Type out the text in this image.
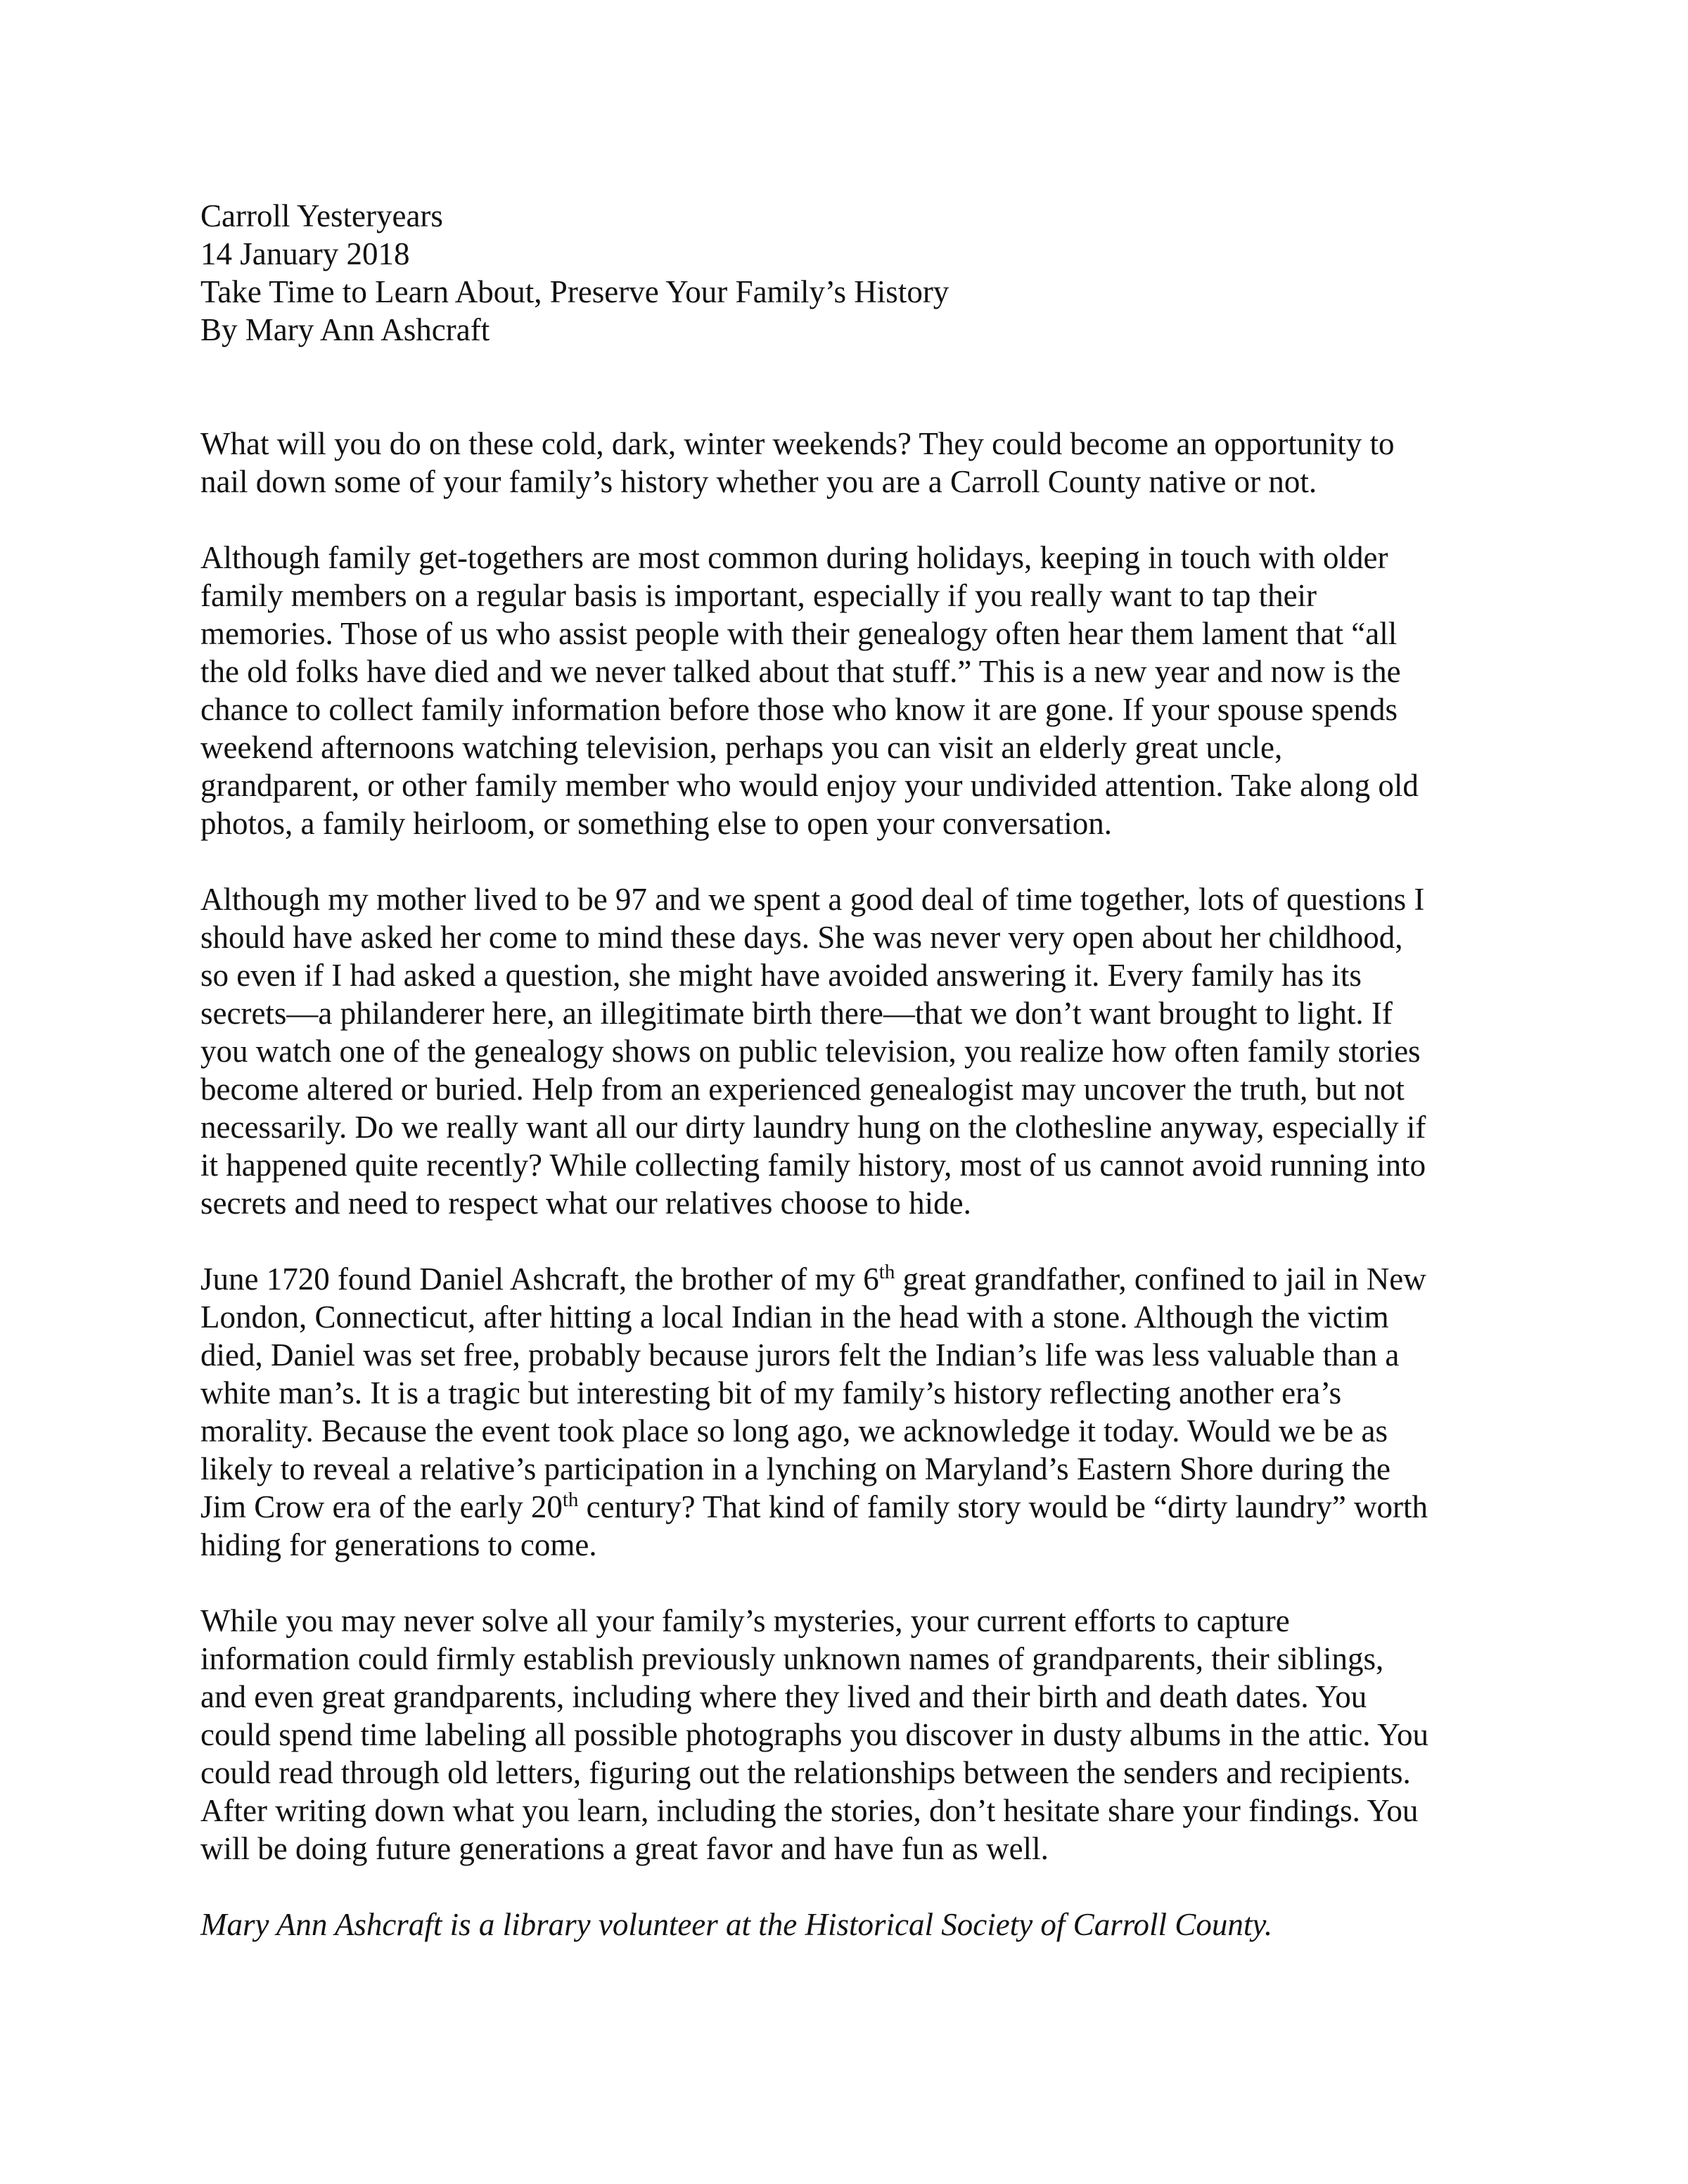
Carroll Yesteryears
14 January 2018
Take Time to Learn About, Preserve Your Family’s History
By Mary Ann Ashcraft
What will you do on these cold, dark, winter weekends? They could become an opportunity to
nail down some of your family’s history whether you are a Carroll County native or not.
Although family get-togethers are most common during holidays, keeping in touch with older
family members on a regular basis is important, especially if you really want to tap their
memories. Those of us who assist people with their genealogy often hear them lament that “all
the old folks have died and we never talked about that stuff.” This is a new year and now is the
chance to collect family information before those who know it are gone. If your spouse spends
weekend afternoons watching television, perhaps you can visit an elderly great uncle,
grandparent, or other family member who would enjoy your undivided attention. Take along old
photos, a family heirloom, or something else to open your conversation.
Although my mother lived to be 97 and we spent a good deal of time together, lots of questions I
should have asked her come to mind these days. She was never very open about her childhood,
so even if I had asked a question, she might have avoided answering it. Every family has its
secrets—a philanderer here, an illegitimate birth there—that we don’t want brought to light. If
you watch one of the genealogy shows on public television, you realize how often family stories
become altered or buried. Help from an experienced genealogist may uncover the truth, but not
necessarily. Do we really want all our dirty laundry hung on the clothesline anyway, especially if
it happened quite recently? While collecting family history, most of us cannot avoid running into
secrets and need to respect what our relatives choose to hide.
June 1720 found Daniel Ashcraft, the brother of my 6th great grandfather, confined to jail in New
London, Connecticut, after hitting a local Indian in the head with a stone. Although the victim
died, Daniel was set free, probably because jurors felt the Indian’s life was less valuable than a
white man’s. It is a tragic but interesting bit of my family’s history reflecting another era’s
morality. Because the event took place so long ago, we acknowledge it today. Would we be as
likely to reveal a relative’s participation in a lynching on Maryland’s Eastern Shore during the
Jim Crow era of the early 20th century? That kind of family story would be “dirty laundry” worth
hiding for generations to come.
While you may never solve all your family’s mysteries, your current efforts to capture
information could firmly establish previously unknown names of grandparents, their siblings,
and even great grandparents, including where they lived and their birth and death dates. You
could spend time labeling all possible photographs you discover in dusty albums in the attic. You
could read through old letters, figuring out the relationships between the senders and recipients.
After writing down what you learn, including the stories, don’t hesitate share your findings. You
will be doing future generations a great favor and have fun as well.
Mary Ann Ashcraft is a library volunteer at the Historical Society of Carroll County.
